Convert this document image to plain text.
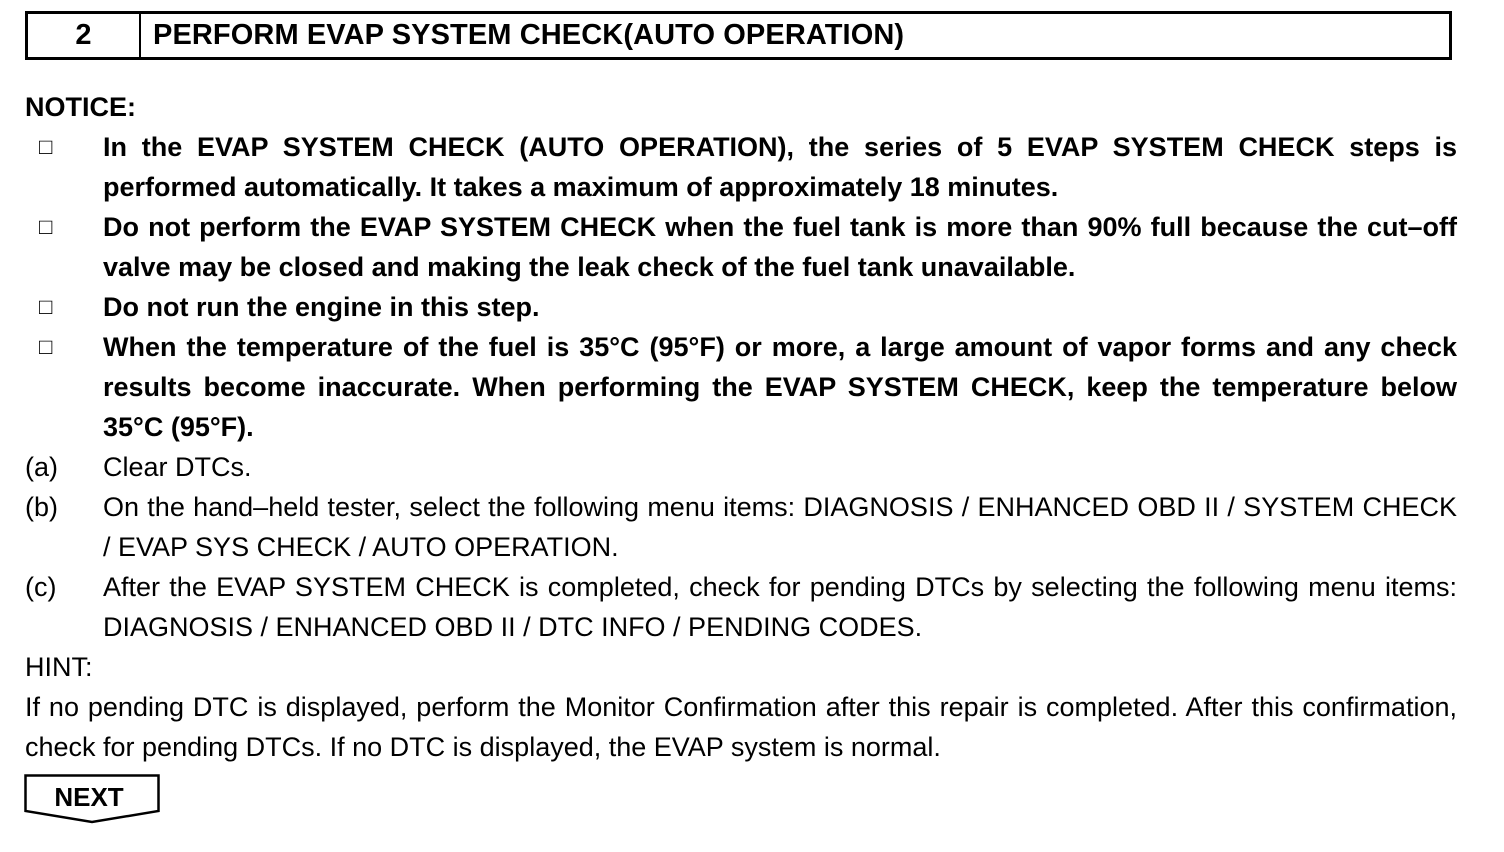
2	PERFORM EVAP SYSTEM CHECK(AUTO OPERATION)
NOTICE:
□	In the EVAP SYSTEM CHECK (AUTO OPERATION), the series of 5 EVAP SYSTEM CHECK steps is performed automatically. It takes a maximum of approximately 18 minutes.
□	Do not perform the EVAP SYSTEM CHECK when the fuel tank is more than 90% full because the cut–off valve may be closed and making the leak check of the fuel tank unavailable.
□	Do not run the engine in this step.
□	When the temperature of the fuel is 35°C (95°F) or more, a large amount of vapor forms and any check results become inaccurate. When performing the EVAP SYSTEM CHECK, keep the temperature below 35°C (95°F).
(a)	Clear DTCs.
(b)	On the hand–held tester, select the following menu items: DIAGNOSIS / ENHANCED OBD II / SYSTEM CHECK / EVAP SYS CHECK / AUTO OPERATION.
(c)	After the EVAP SYSTEM CHECK is completed, check for pending DTCs by selecting the following menu items: DIAGNOSIS / ENHANCED OBD II / DTC INFO / PENDING CODES.
HINT:
If no pending DTC is displayed, perform the Monitor Confirmation after this repair is completed. After this confirmation, check for pending DTCs. If no DTC is displayed, the EVAP system is normal.
NEXT
